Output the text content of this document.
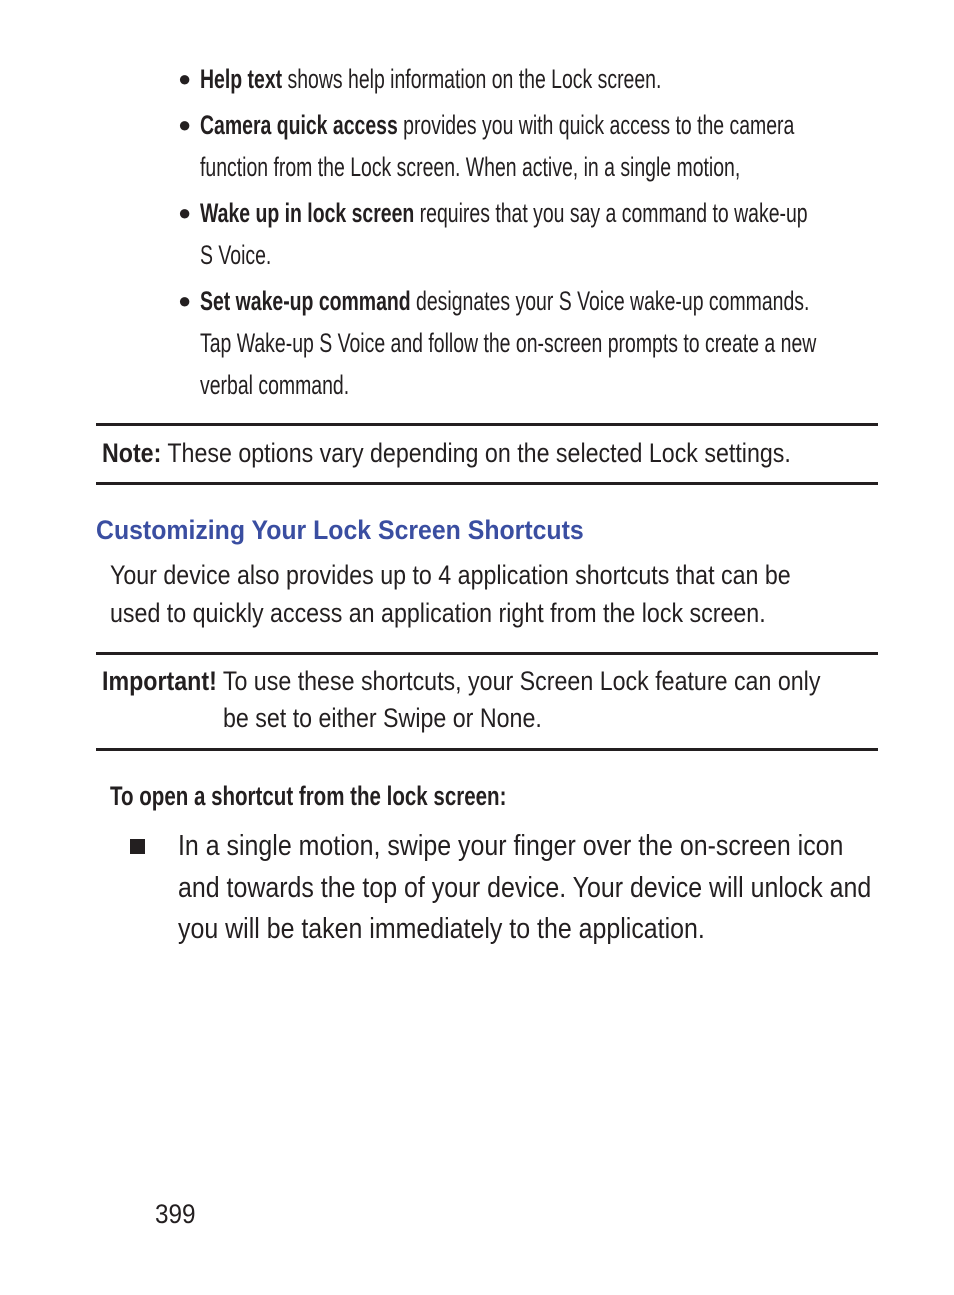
● Help text shows help information on the Lock screen.
● Camera quick access provides you with quick access to the camera
function from the Lock screen. When active, in a single motion,
● Wake up in lock screen requires that you say a command to wake-up
S Voice.
● Set wake-up command designates your S Voice wake-up commands.
Tap Wake-up S Voice and follow the on-screen prompts to create a new
verbal command.
Note: These options vary depending on the selected Lock settings.
Customizing Your Lock Screen Shortcuts
Your device also provides up to 4 application shortcuts that can be
used to quickly access an application right from the lock screen.
Important! To use these shortcuts, your Screen Lock feature can only
be set to either Swipe or None.
To open a shortcut from the lock screen:
In a single motion, swipe your finger over the on-screen icon
and towards the top of your device. Your device will unlock and
you will be taken immediately to the application.
399
